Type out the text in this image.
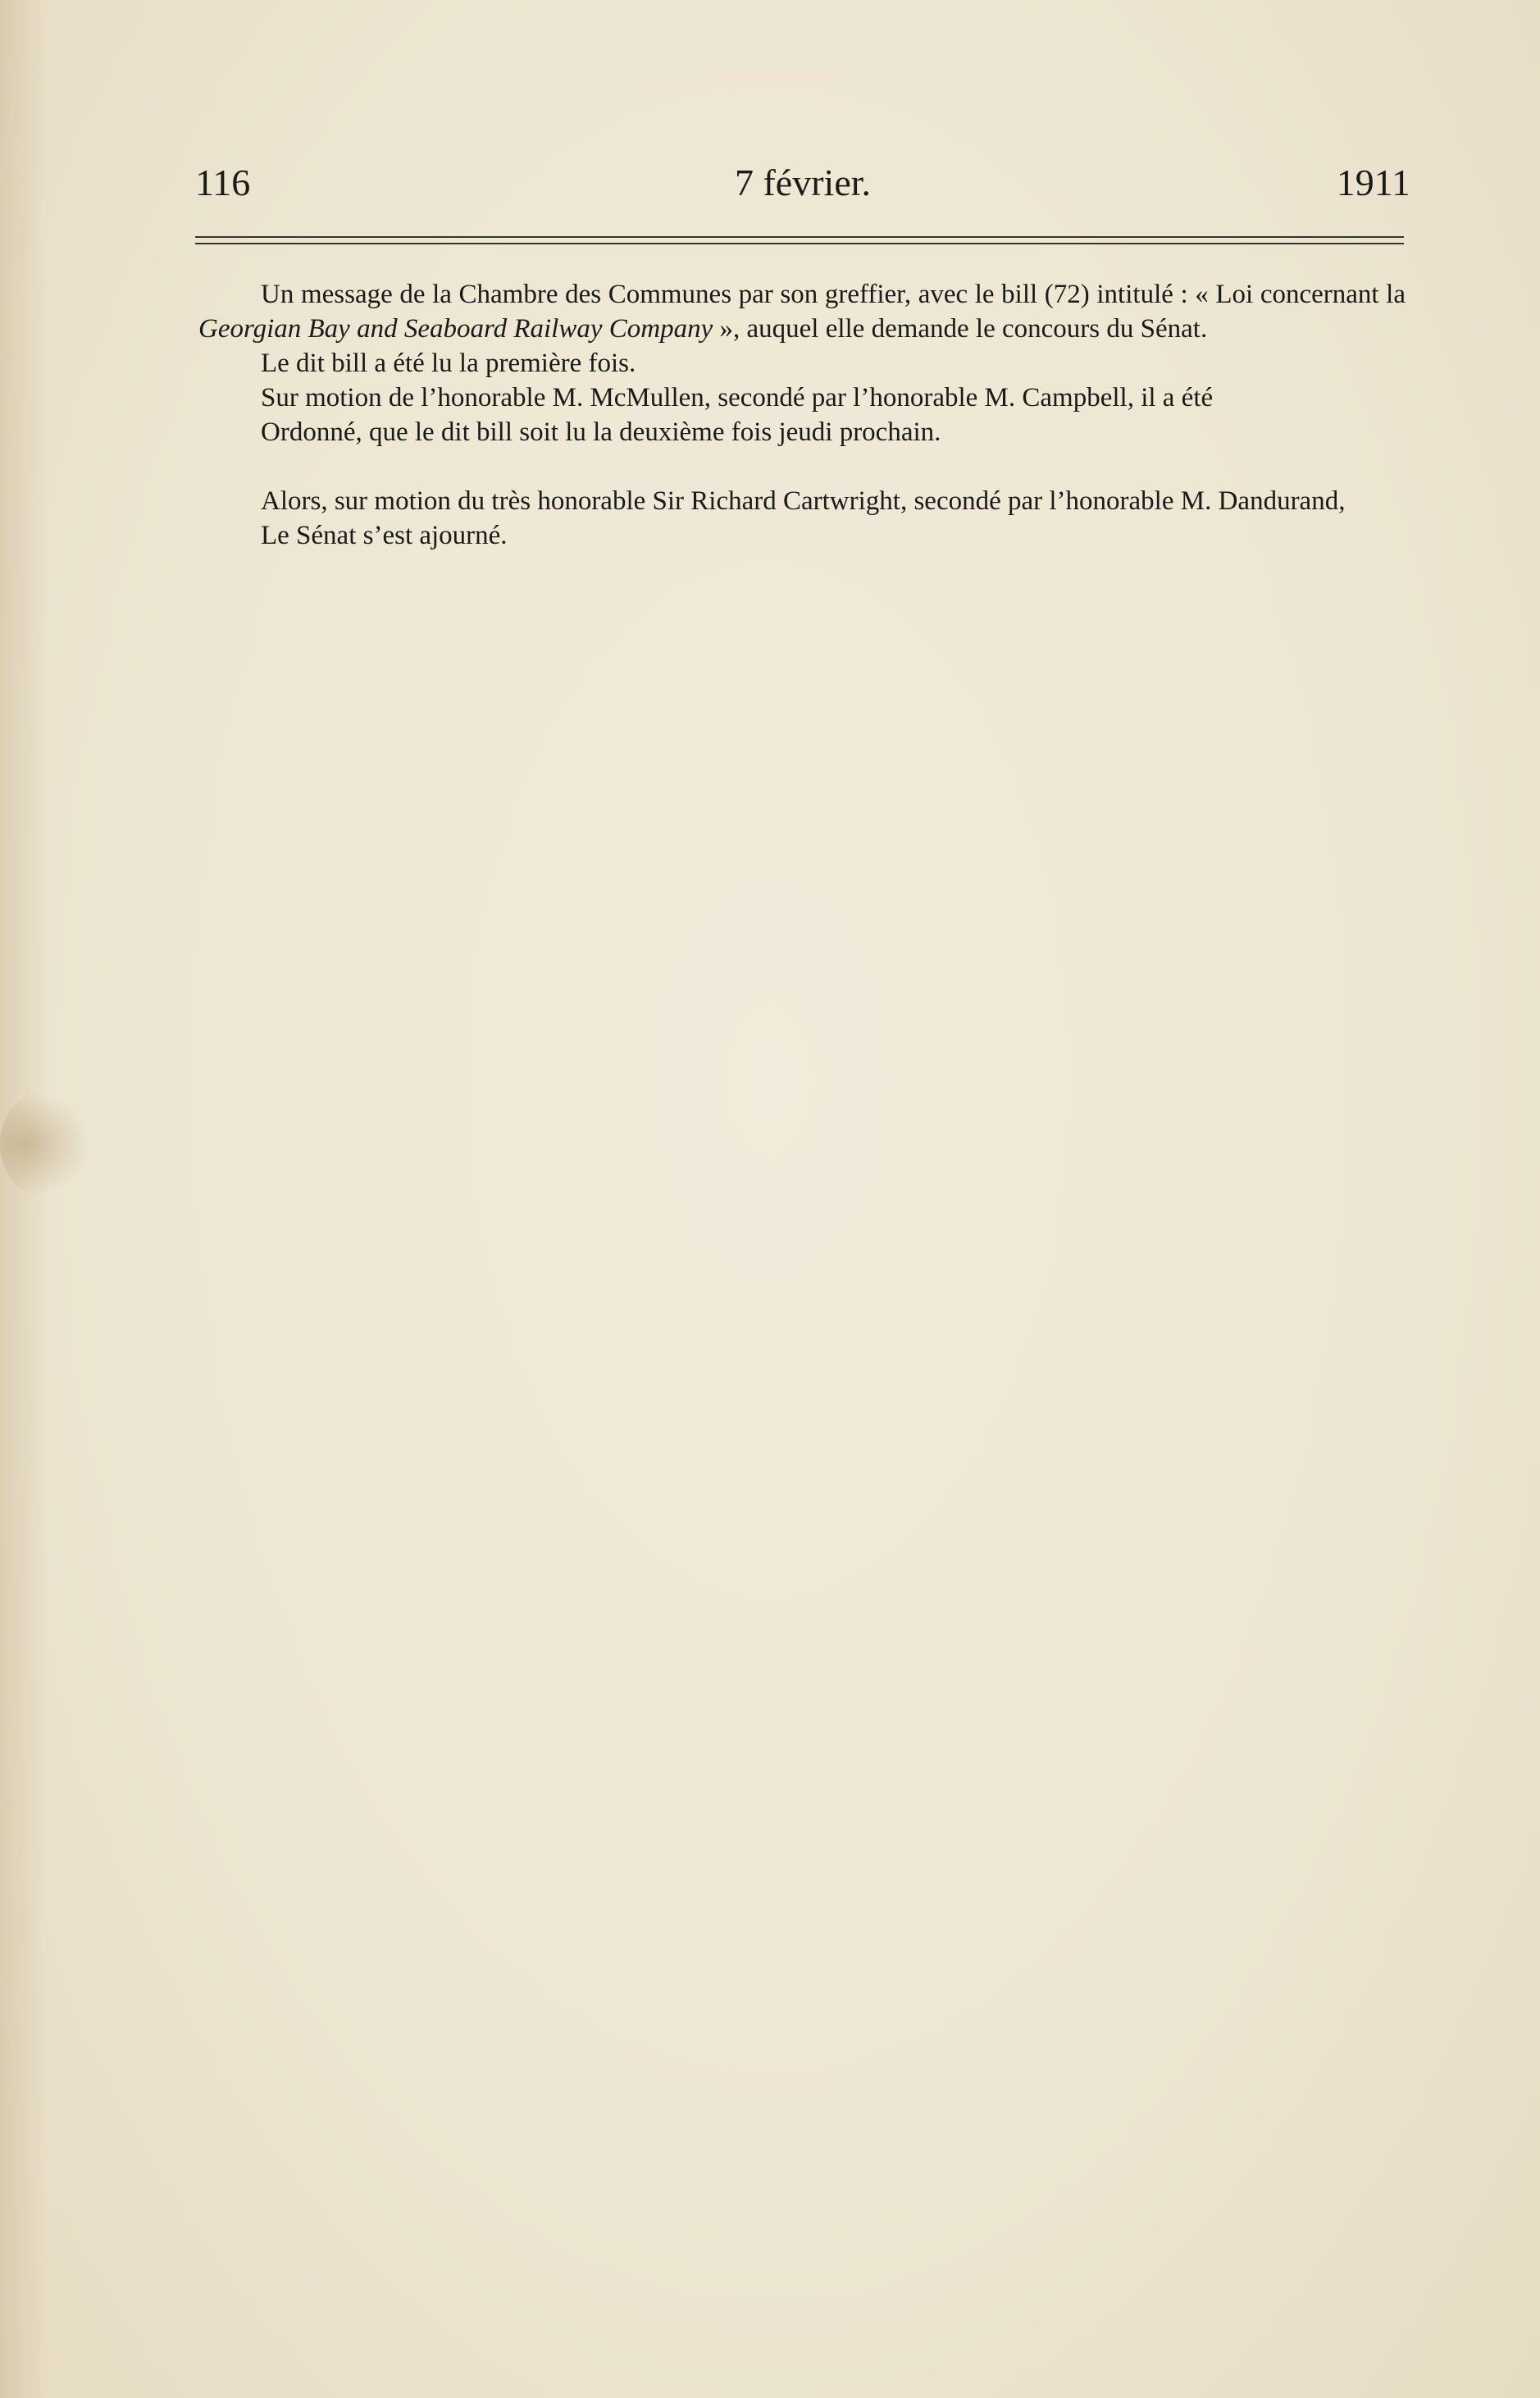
116	7 février.	1911

Un message de la Chambre des Communes par son greffier, avec le bill (72) intitulé : « Loi concernant la Georgian Bay and Seaboard Railway Company », auquel elle demande le concours du Sénat.

Le dit bill a été lu la première fois.

Sur motion de l’honorable M. McMullen, secondé par l’honorable M. Campbell, il a été

Ordonné, que le dit bill soit lu la deuxième fois jeudi prochain.

Alors, sur motion du très honorable Sir Richard Cartwright, secondé par l’honorable M. Dandurand,

Le Sénat s’est ajourné.
